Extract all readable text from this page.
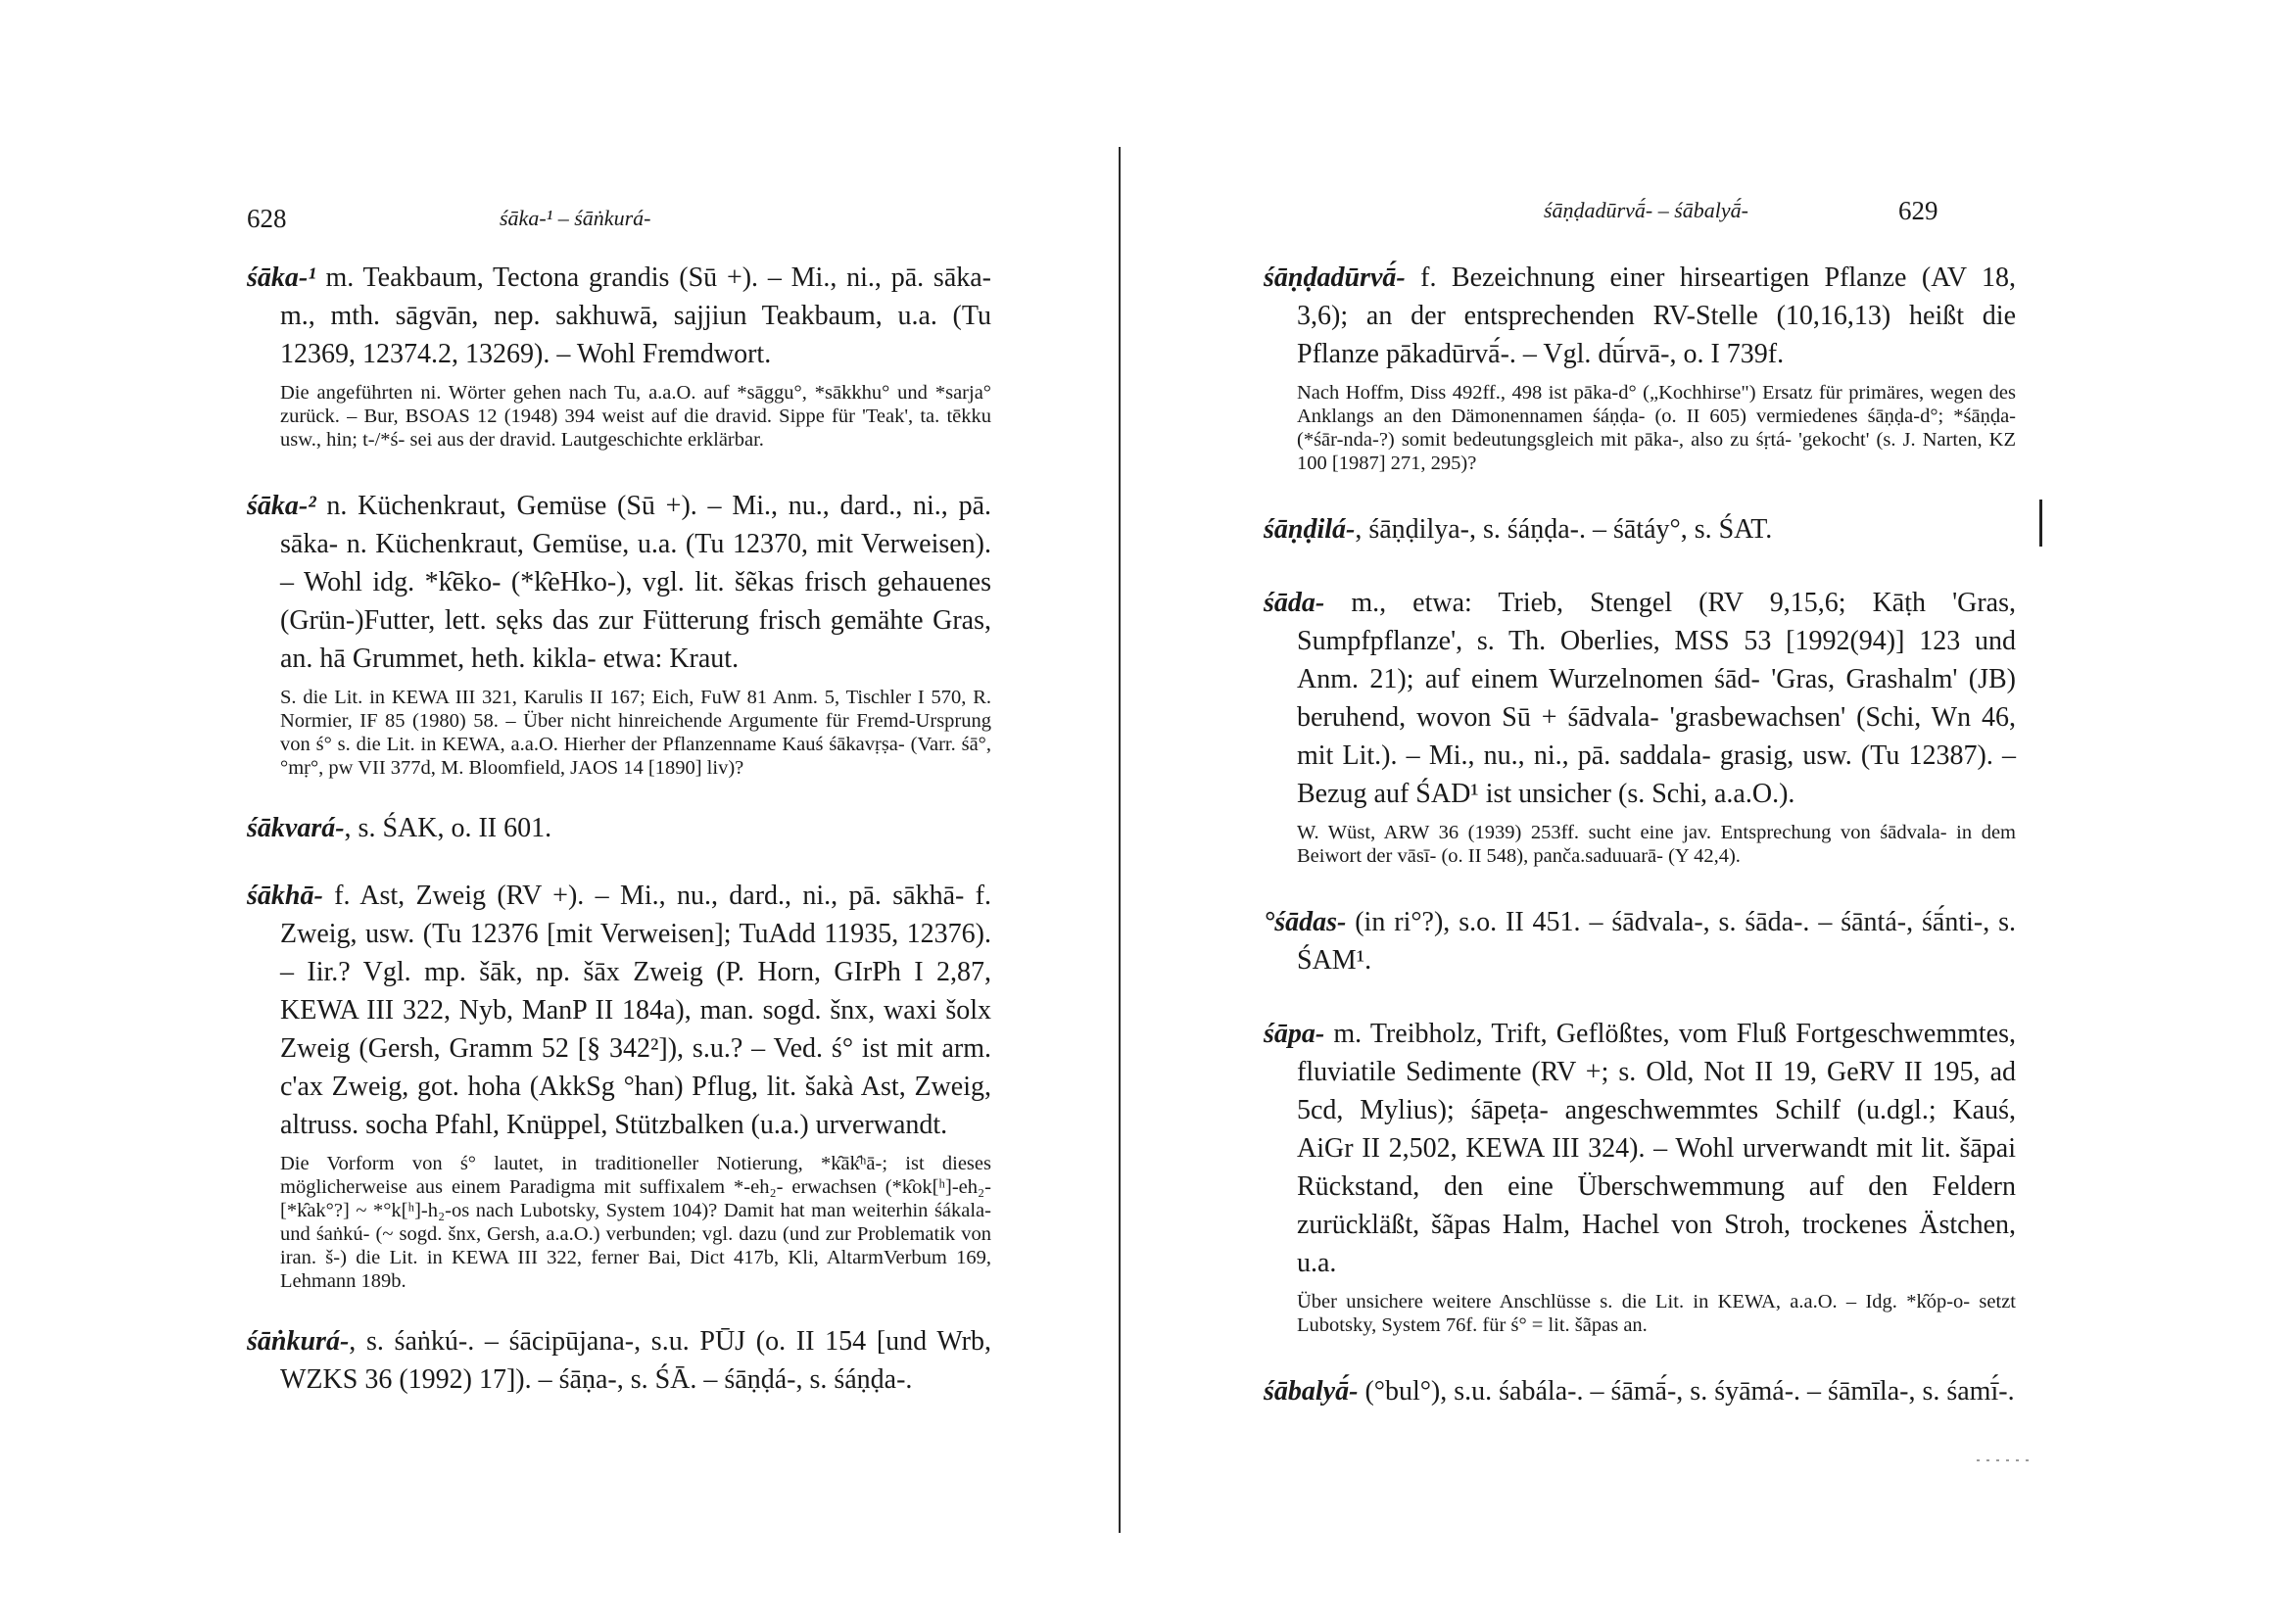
628	śāka-¹ – śāṅkurá-

śāka-¹ m. Teakbaum, Tectona grandis (Sū +). – Mi., ni., pā. sāka- m., mth. sāgvān, nep. sakhuwā, sajjiun Teakbaum, u.a. (Tu 12369, 12374.2, 13269). – Wohl Fremdwort.

Die angeführten ni. Wörter gehen nach Tu, a.a.O. auf *sāggu°, *sākkhu° und *sarja° zurück. – Bur, BSOAS 12 (1948) 394 weist auf die dravid. Sippe für 'Teak', ta. tēkku usw., hin; t-/*ś- sei aus der dravid. Lautgeschichte erklärbar.

śāka-² n. Küchenkraut, Gemüse (Sū +). – Mi., nu., dard., ni., pā. sāka- n. Küchenkraut, Gemüse, u.a. (Tu 12370, mit Verweisen). – Wohl idg. *k̑ēko- (*k̑eHko-), vgl. lit. šẽkas frisch gehauenes (Grün-)Futter, lett. sęks das zur Fütterung frisch gemähte Gras, an. hā Grummet, heth. kikla- etwa: Kraut.

S. die Lit. in KEWA III 321, Karulis II 167; Eich, FuW 81 Anm. 5, Tischler I 570, R. Normier, IF 85 (1980) 58. – Über nicht hinreichende Argumente für Fremd-Ursprung von ś° s. die Lit. in KEWA, a.a.O. Hierher der Pflanzenname Kauś śākavṛṣa- (Varr. śā°, °mṛ°, pw VII 377d, M. Bloomfield, JAOS 14 [1890] liv)?

śākvará-, s. ŚAK, o. II 601.

śākhā- f. Ast, Zweig (RV +). – Mi., nu., dard., ni., pā. sākhā- f. Zweig, usw. (Tu 12376 [mit Verweisen]; TuAdd 11935, 12376). – Iir.? Vgl. mp. šāk, np. šāx Zweig (P. Horn, GIrPh I 2,87, KEWA III 322, Nyb, ManP II 184a), man. sogd. šnx, waxi šolx Zweig (Gersh, Gramm 52 [§ 342²]), s.u.? – Ved. ś° ist mit arm. c'ax Zweig, got. hoha (AkkSg °han) Pflug, lit. šakà Ast, Zweig, altruss. socha Pfahl, Knüppel, Stützbalken (u.a.) urverwandt.

Die Vorform von ś° lautet, in traditioneller Notierung, *k̑āk̑ʰā-; ist dieses möglicherweise aus einem Paradigma mit suffixalem *-eh₂- erwachsen (*k̑ok[ʰ]-eh₂- [*k̑ak°?] ~ *°k[ʰ]-h₂-os nach Lubotsky, System 104)? Damit hat man weiterhin śákala- und śaṅkú- (~ sogd. šnx, Gersh, a.a.O.) verbunden; vgl. dazu (und zur Problematik von iran. š-) die Lit. in KEWA III 322, ferner Bai, Dict 417b, Kli, AltarmVerbum 169, Lehmann 189b.

śāṅkurá-, s. śaṅkú-. – śācipūjana-, s.u. PŪJ (o. II 154 [und Wrb, WZKS 36 (1992) 17]). – śāṇa-, s. ŚĀ. – śāṇḍá-, s. śáṇḍa-.

śāṇḍadūrvā́- – śābalyā́-	629

śāṇḍadūrvā́- f. Bezeichnung einer hirseartigen Pflanze (AV 18, 3,6); an der entsprechenden RV-Stelle (10,16,13) heißt die Pflanze pākadūrvā́-. – Vgl. dū́rvā-, o. I 739f.

Nach Hoffm, Diss 492ff., 498 ist pāka-d° („Kochhirse") Ersatz für primäres, wegen des Anklangs an den Dämonennamen śáṇḍa- (o. II 605) vermiedenes śāṇḍa-d°; *śāṇḍa- (*śār-nda-?) somit bedeutungsgleich mit pāka-, also zu śṛtá- 'gekocht' (s. J. Narten, KZ 100 [1987] 271, 295)?

śāṇḍilá-, śāṇḍilya-, s. śáṇḍa-. – śātáy°, s. ŚAT.

śāda- m., etwa: Trieb, Stengel (RV 9,15,6; Kāṭh 'Gras, Sumpfpflanze', s. Th. Oberlies, MSS 53 [1992(94)] 123 und Anm. 21); auf einem Wurzelnomen śād- 'Gras, Grashalm' (JB) beruhend, wovon Sū + śādvala- 'grasbewachsen' (Schi, Wn 46, mit Lit.). – Mi., nu., ni., pā. saddala- grasig, usw. (Tu 12387). – Bezug auf ŚAD¹ ist unsicher (s. Schi, a.a.O.).

W. Wüst, ARW 36 (1939) 253ff. sucht eine jav. Entsprechung von śādvala- in dem Beiwort der vāsī- (o. II 548), panča.saduuarā- (Y 42,4).

°śādas- (in ri°?), s.o. II 451. – śādvala-, s. śāda-. – śāntá-, śā́nti-, s. ŚAM¹.

śāpa- m. Treibholz, Trift, Geflößtes, vom Fluß Fortgeschwemmtes, fluviatile Sedimente (RV +; s. Old, Not II 19, GeRV II 195, ad 5cd, Mylius); śāpeṭa- angeschwemmtes Schilf (u.dgl.; Kauś, AiGr II 2,502, KEWA III 324). – Wohl urverwandt mit lit. šāpai Rückstand, den eine Überschwemmung auf den Feldern zurückläßt, šãpas Halm, Hachel von Stroh, trockenes Ästchen, u.a.

Über unsichere weitere Anschlüsse s. die Lit. in KEWA, a.a.O. – Idg. *k̑óp-o- setzt Lubotsky, System 76f. für ś° = lit. šãpas an.

śābalyā́- (°bul°), s.u. śabála-. – śāmā́-, s. śyāmá-. – śāmīla-, s. śamī́-.
